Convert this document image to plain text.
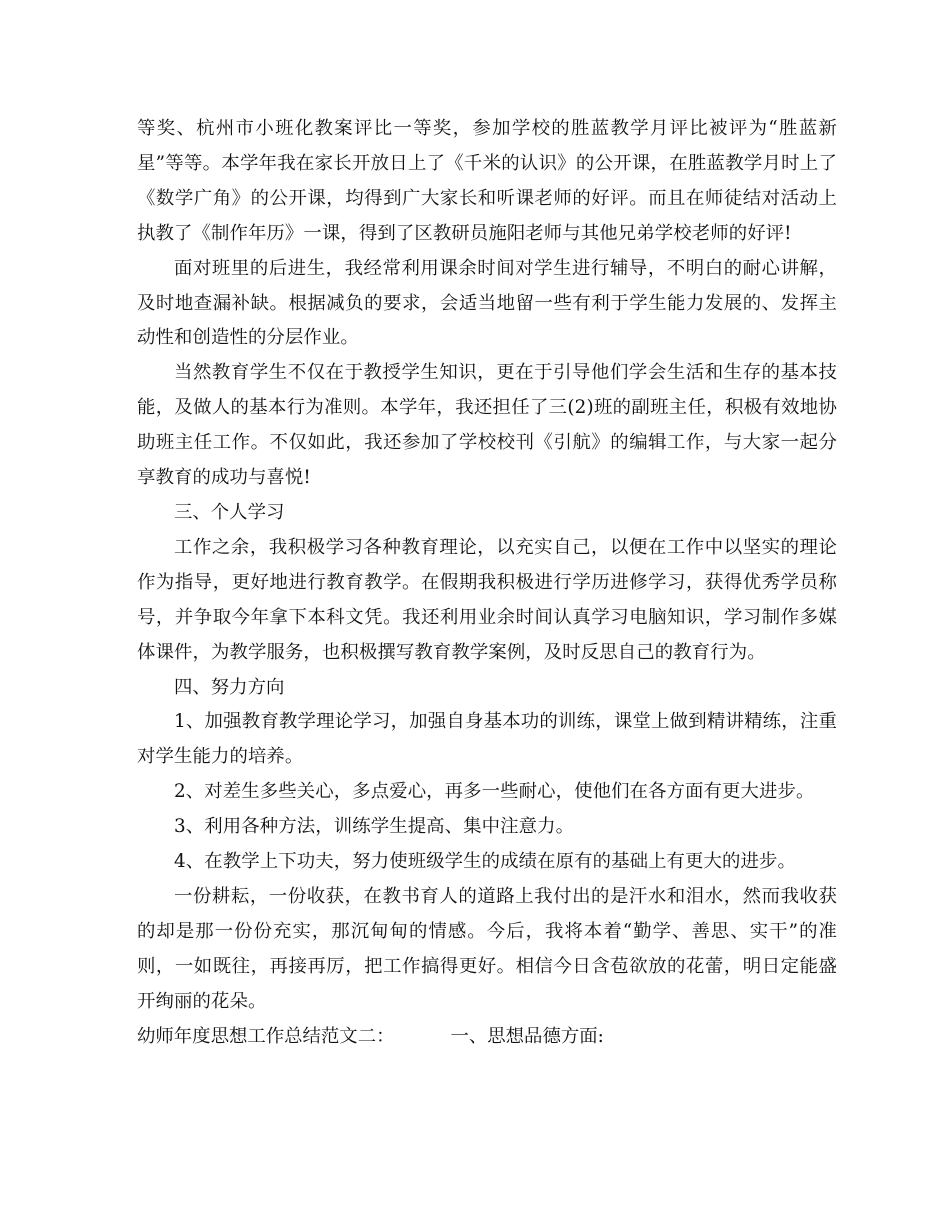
等奖、杭州市小班化教案评比一等奖，参加学校的胜蓝教学月评比被评为“胜蓝新星”等等。本学年我在家长开放日上了《千米的认识》的公开课，在胜蓝教学月时上了《数学广角》的公开课，均得到广大家长和听课老师的好评。而且在师徒结对活动上执教了《制作年历》一课，得到了区教研员施阳老师与其他兄弟学校老师的好评!

面对班里的后进生，我经常利用课余时间对学生进行辅导，不明白的耐心讲解，及时地查漏补缺。根据减负的要求，会适当地留一些有利于学生能力发展的、发挥主动性和创造性的分层作业。

当然教育学生不仅在于教授学生知识，更在于引导他们学会生活和生存的基本技能，及做人的基本行为准则。本学年，我还担任了三(2)班的副班主任，积极有效地协助班主任工作。不仅如此，我还参加了学校校刊《引航》的编辑工作，与大家一起分享教育的成功与喜悦!

三、个人学习

工作之余，我积极学习各种教育理论，以充实自己，以便在工作中以坚实的理论作为指导，更好地进行教育教学。在假期我积极进行学历进修学习，获得优秀学员称号，并争取今年拿下本科文凭。我还利用业余时间认真学习电脑知识，学习制作多媒体课件，为教学服务，也积极撰写教育教学案例，及时反思自己的教育行为。

四、努力方向

1、加强教育教学理论学习，加强自身基本功的训练，课堂上做到精讲精练，注重对学生能力的培养。

2、对差生多些关心，多点爱心，再多一些耐心，使他们在各方面有更大进步。

3、利用各种方法，训练学生提高、集中注意力。

4、在教学上下功夫，努力使班级学生的成绩在原有的基础上有更大的进步。

一份耕耘，一份收获，在教书育人的道路上我付出的是汗水和泪水，然而我收获的却是那一份份充实，那沉甸甸的情感。今后，我将本着“勤学、善思、实干”的准则，一如既往，再接再厉，把工作搞得更好。相信今日含苞欲放的花蕾，明日定能盛开绚丽的花朵。

幼师年度思想工作总结范文二：	一、思想品德方面:
